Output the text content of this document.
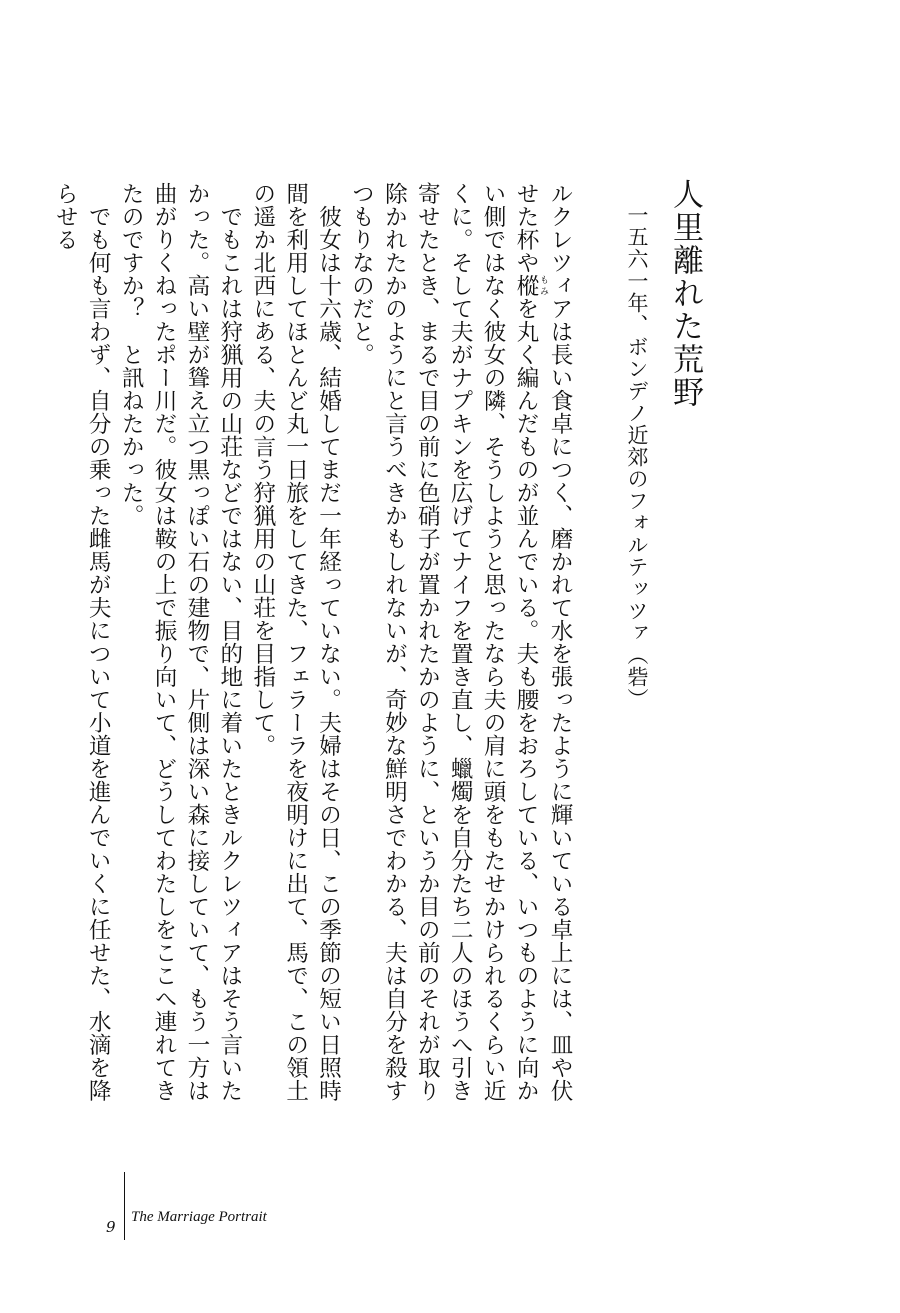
人里離れた荒野
一五六一年、ボンデノ近郊のフォルテッツァ（砦）

ルクレツィアは長い食卓につく、磨かれて水を張ったように輝いている卓上には、皿や伏せた杯や樅 もみを丸く編んだものが並んでいる。夫も腰をおろしている、いつものように向かい側ではなく彼女の隣、そうしようと思ったなら夫の肩に頭をもたせかけられるくらい近くに。そして夫がナプキンを広げてナイフを置き直し、蠟燭を自分たち二人のほうへ引き寄せたとき、まるで目の前に色硝子が置かれたかのように、というか目の前のそれが取り除かれたかのようにと言うべきかもしれないが、奇妙な鮮明さでわかる、夫は自分を殺すつもりなのだと。

彼女は十六歳、結婚してまだ一年経っていない。夫婦はその日、この季節の短い日照時間を利用してほとんど丸一日旅をしてきた、フェラーラを夜明けに出て、馬で、この領土の遥か北西にある、夫の言う狩猟用の山荘を目指して。

でもこれは狩猟用の山荘などではない、目的地に着いたときルクレツィアはそう言いたかった。高い壁が聳え立つ黒っぽい石の建物で、片側は深い森に接していて、もう一方は曲がりくねったポー川だ。彼女は鞍の上で振り向いて、どうしてわたしをここへ連れてきたのですか？　と訊ねたかった。

でも何も言わず、自分の乗った雌馬が夫について小道を進んでいくに任せた、水滴を降らせる

9
The Marriage Portrait
